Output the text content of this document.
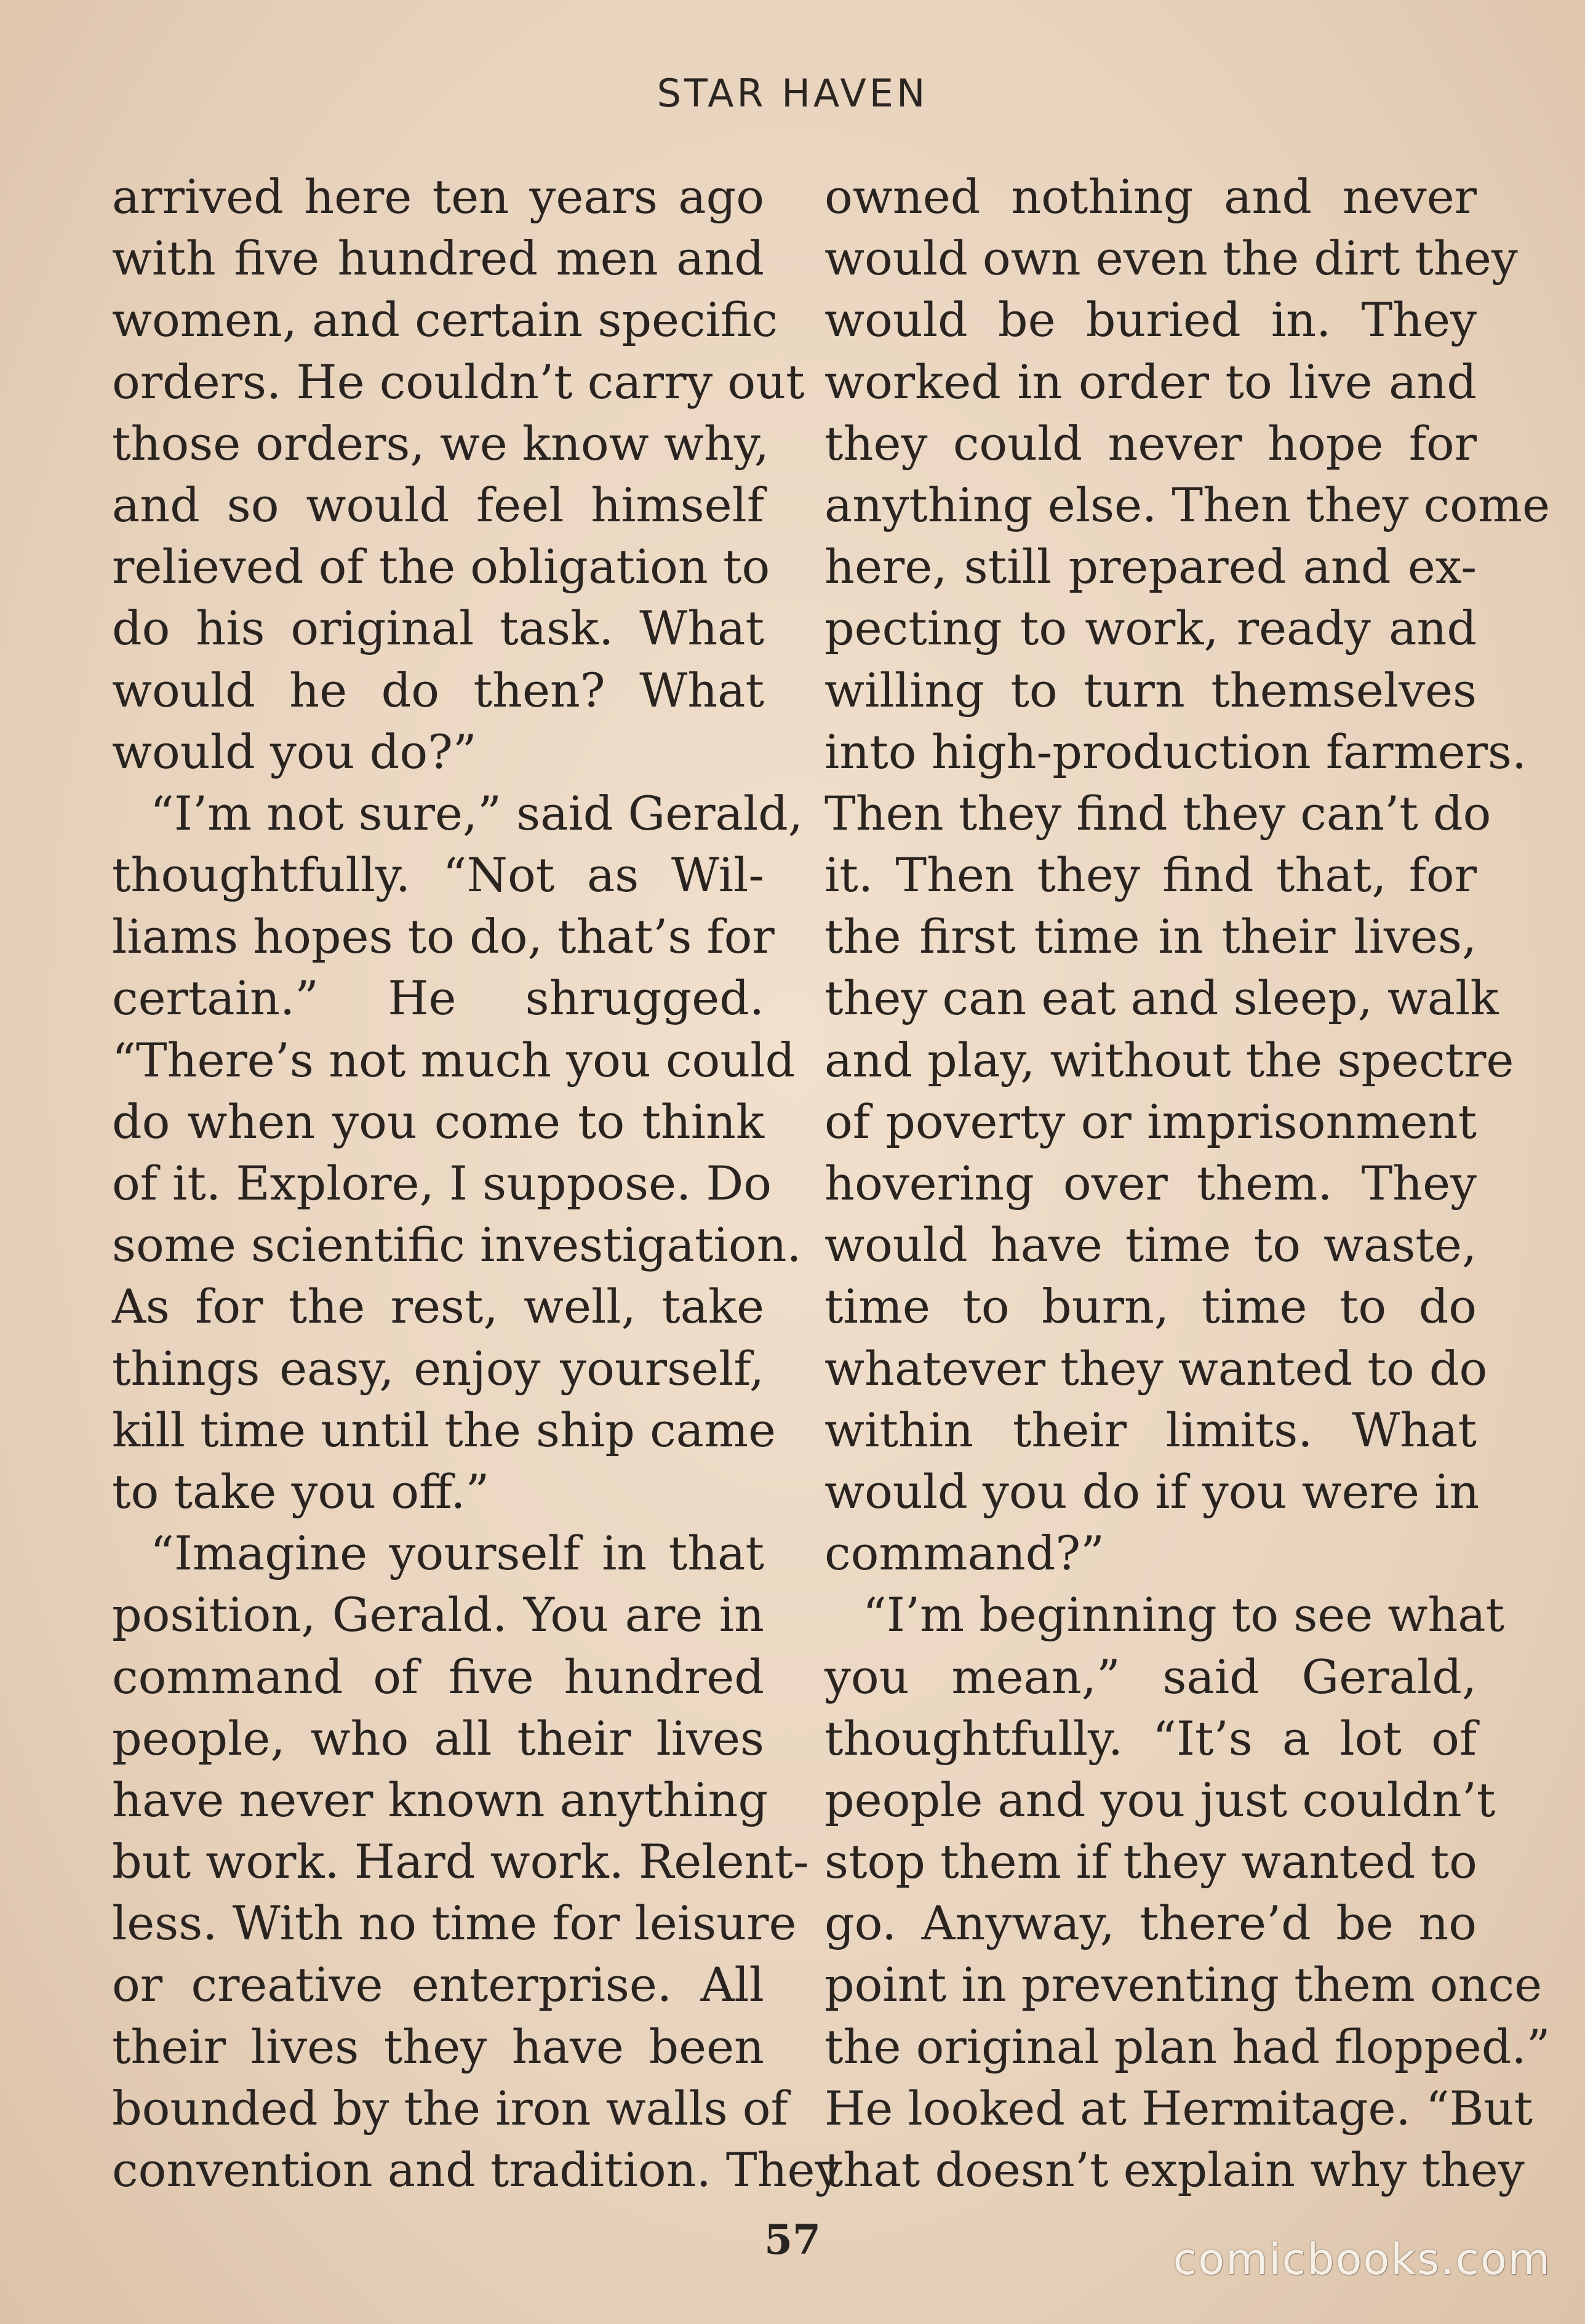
STAR HAVEN
arrived here ten years ago
with five hundred men and
women, and certain specific
orders. He couldn’t carry out
those orders, we know why,
and so would feel himself
relieved of the obligation to
do his original task. What
would he do then? What
would you do?”
“I’m not sure,” said Gerald,
thoughtfully. “Not as Wil-
liams hopes to do, that’s for
certain.” He shrugged.
“There’s not much you could
do when you come to think
of it. Explore, I suppose. Do
some scientific investigation.
As for the rest, well, take
things easy, enjoy yourself,
kill time until the ship came
to take you off.”
“Imagine yourself in that
position, Gerald. You are in
command of five hundred
people, who all their lives
have never known anything
but work. Hard work. Relent-
less. With no time for leisure
or creative enterprise. All
their lives they have been
bounded by the iron walls of
convention and tradition. They
owned nothing and never
would own even the dirt they
would be buried in. They
worked in order to live and
they could never hope for
anything else. Then they come
here, still prepared and ex-
pecting to work, ready and
willing to turn themselves
into high-production farmers.
Then they find they can’t do
it. Then they find that, for
the first time in their lives,
they can eat and sleep, walk
and play, without the spectre
of poverty or imprisonment
hovering over them. They
would have time to waste,
time to burn, time to do
whatever they wanted to do
within their limits. What
would you do if you were in
command?”
“I’m beginning to see what
you mean,” said Gerald,
thoughtfully. “It’s a lot of
people and you just couldn’t
stop them if they wanted to
go. Anyway, there’d be no
point in preventing them once
the original plan had flopped.”
He looked at Hermitage. “But
that doesn’t explain why they
57	comicbooks.com
